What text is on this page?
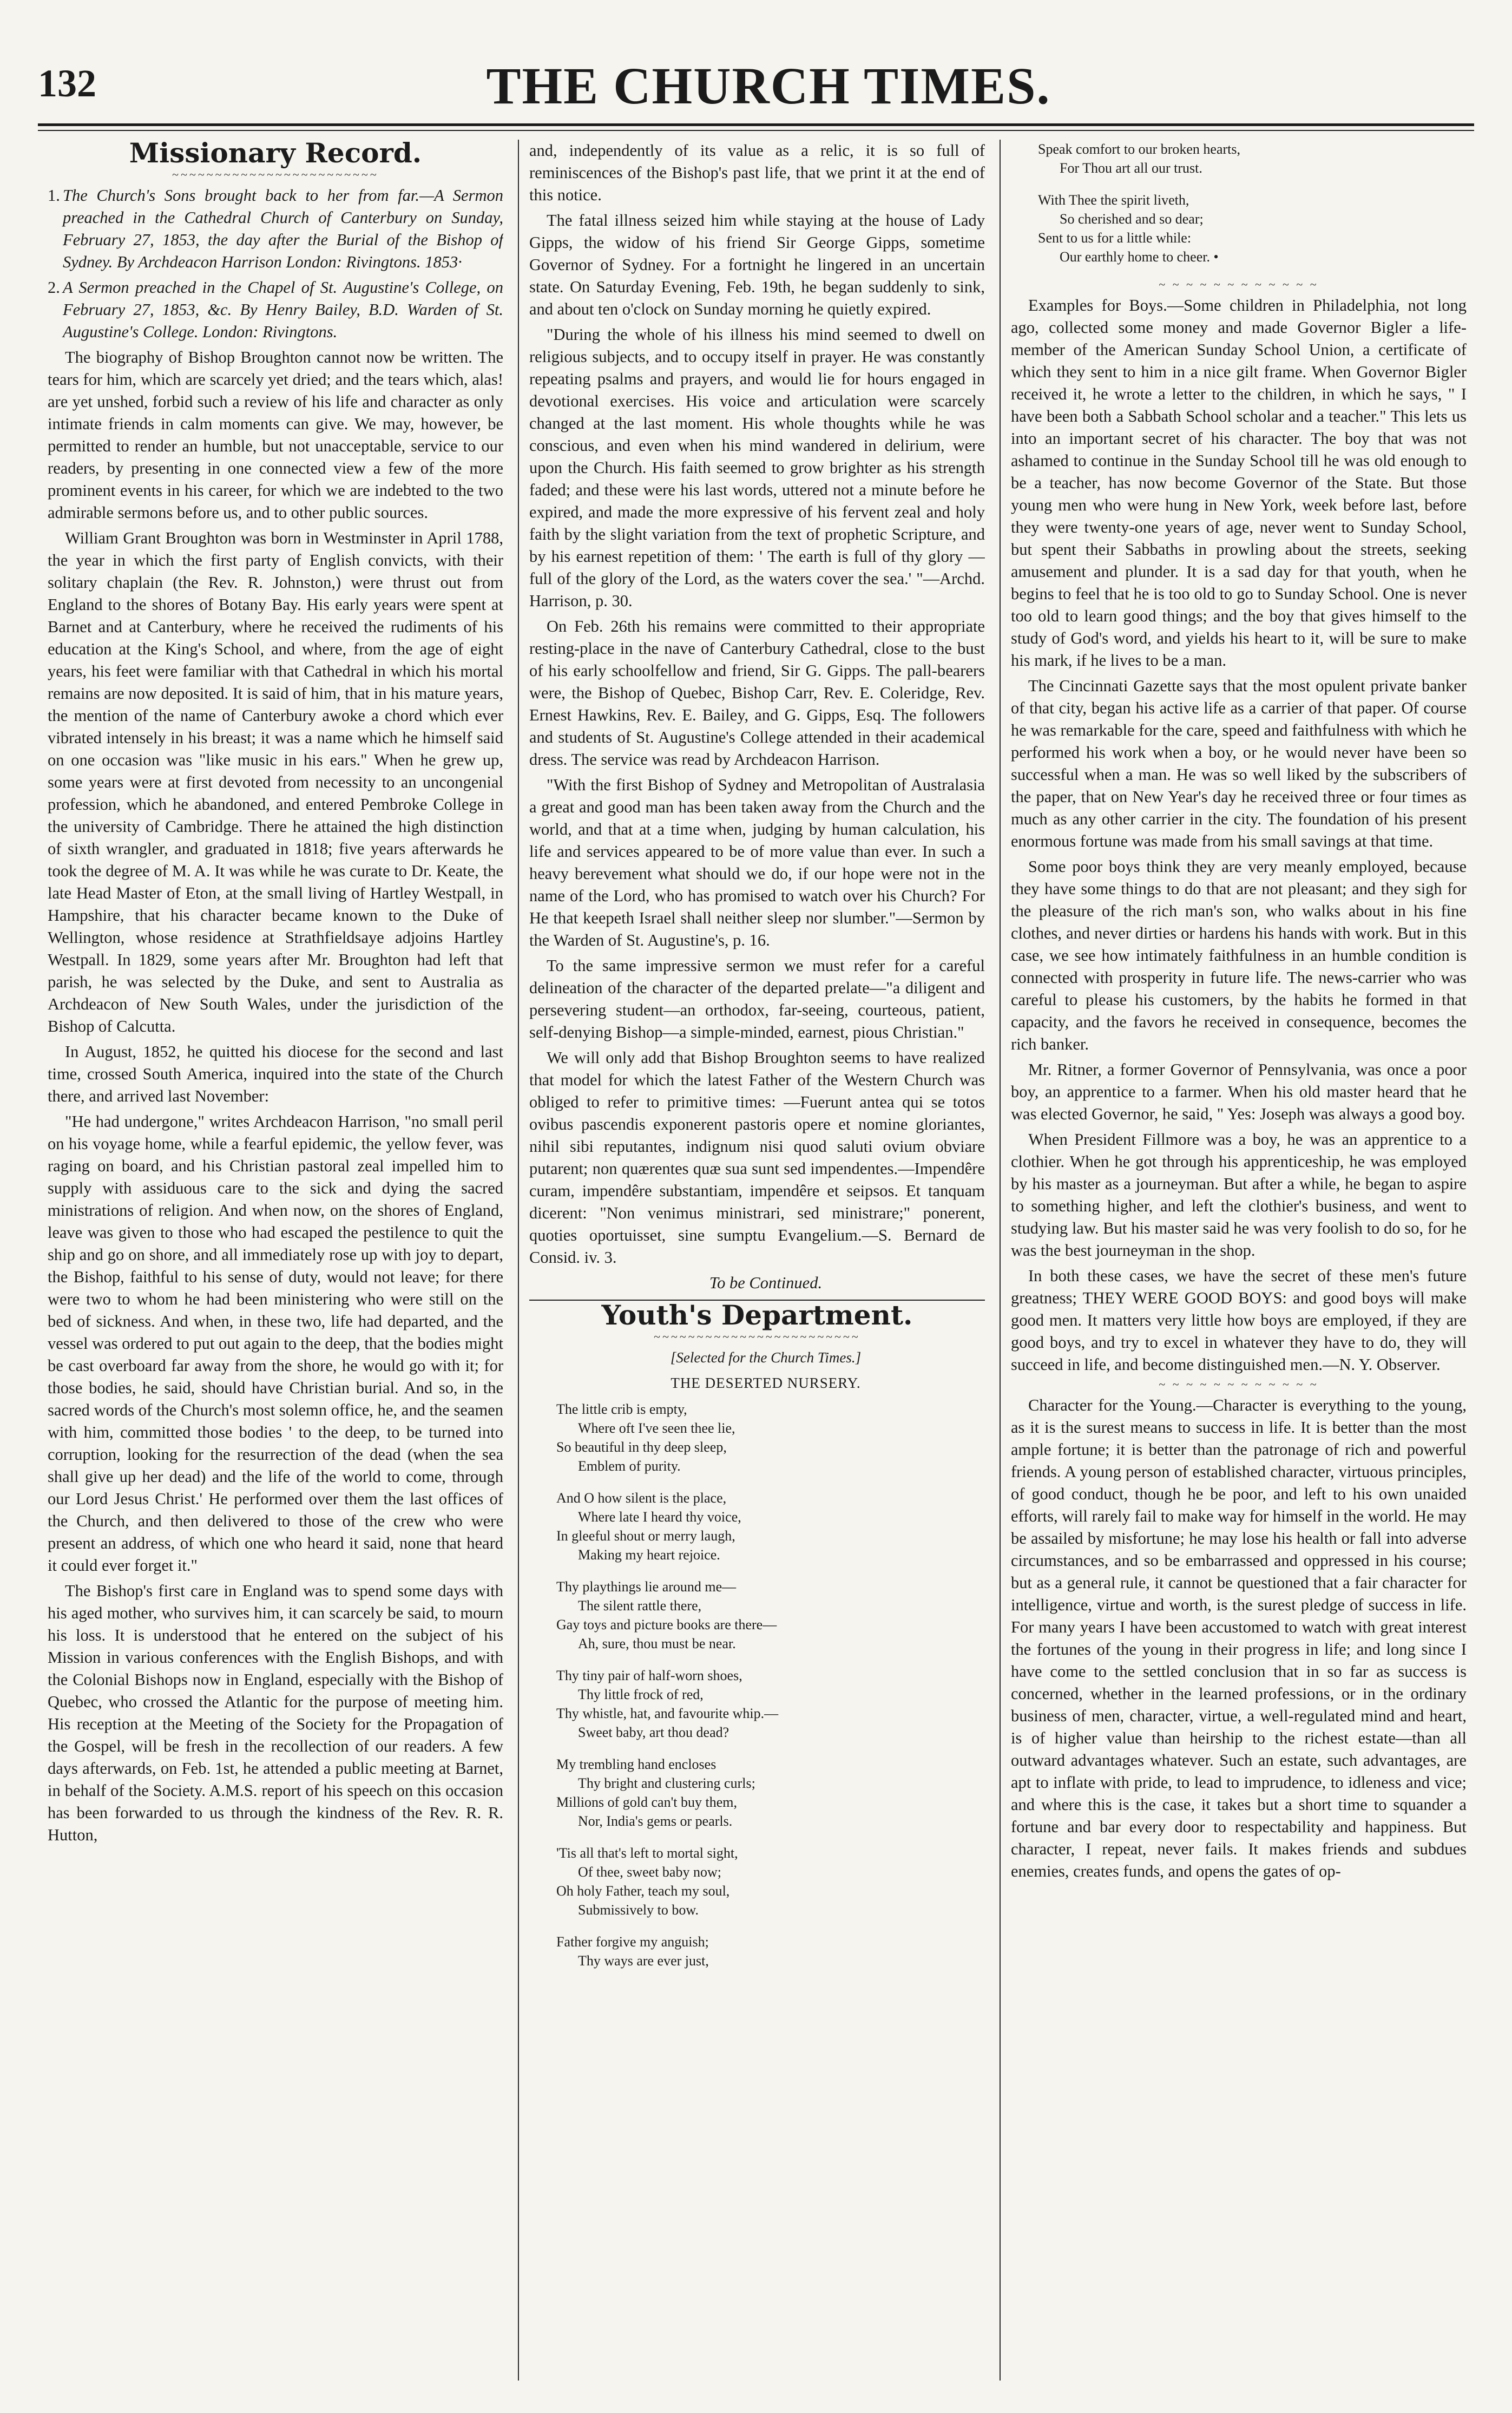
132	THE CHURCH TIMES.
Missionary Record.
~~~~~~~~~~~~~~~~~~~~~~~~
1. The Church's Sons brought back to her from far.—A Sermon preached in the Cathedral Church of Canterbury on Sunday, February 27, 1853, the day after the Burial of the Bishop of Sydney. By Archdeacon Harrison London: Rivingtons. 1853·
2. A Sermon preached in the Chapel of St. Augustine's College, on February 27, 1853, &c. By Henry Bailey, B.D. Warden of St. Augustine's College. London: Rivingtons.

The biography of Bishop Broughton cannot now be written. The tears for him, which are scarcely yet dried; and the tears which, alas! are yet unshed, forbid such a review of his life and character as only intimate friends in calm moments can give. We may, however, be permitted to render an humble, but not unacceptable, service to our readers, by presenting in one connected view a few of the more prominent events in his career, for which we are indebted to the two admirable sermons before us, and to other public sources.

William Grant Broughton was born in Westminster in April 1788, the year in which the first party of English convicts, with their solitary chaplain (the Rev. R. Johnston,) were thrust out from England to the shores of Botany Bay. His early years were spent at Barnet and at Canterbury, where he received the rudiments of his education at the King's School, and where, from the age of eight years, his feet were familiar with that Cathedral in which his mortal remains are now deposited. It is said of him, that in his mature years, the mention of the name of Canterbury awoke a chord which ever vibrated intensely in his breast; it was a name which he himself said on one occasion was "like music in his ears." When he grew up, some years were at first devoted from necessity to an uncongenial profession, which he abandoned, and entered Pembroke College in the university of Cambridge. There he attained the high distinction of sixth wrangler, and graduated in 1818; five years afterwards he took the degree of M. A. It was while he was curate to Dr. Keate, the late Head Master of Eton, at the small living of Hartley Westpall, in Hampshire, that his character became known to the Duke of Wellington, whose residence at Strathfieldsaye adjoins Hartley Westpall. In 1829, some years after Mr. Broughton had left that parish, he was selected by the Duke, and sent to Australia as Archdeacon of New South Wales, under the jurisdiction of the Bishop of Calcutta.

In August, 1852, he quitted his diocese for the second and last time, crossed South America, inquired into the state of the Church there, and arrived last November:

"He had undergone," writes Archdeacon Harrison, "no small peril on his voyage home, while a fearful epidemic, the yellow fever, was raging on board, and his Christian pastoral zeal impelled him to supply with assiduous care to the sick and dying the sacred ministrations of religion. And when now, on the shores of England, leave was given to those who had escaped the pestilence to quit the ship and go on shore, and all immediately rose up with joy to depart, the Bishop, faithful to his sense of duty, would not leave; for there were two to whom he had been ministering who were still on the bed of sickness. And when, in these two, life had departed, and the vessel was ordered to put out again to the deep, that the bodies might be cast overboard far away from the shore, he would go with it; for those bodies, he said, should have Christian burial. And so, in the sacred words of the Church's most solemn office, he, and the seamen with him, committed those bodies ' to the deep, to be turned into corruption, looking for the resurrection of the dead (when the sea shall give up her dead) and the life of the world to come, through our Lord Jesus Christ.' He performed over them the last offices of the Church, and then delivered to those of the crew who were present an address, of which one who heard it said, none that heard it could ever forget it."

The Bishop's first care in England was to spend some days with his aged mother, who survives him, it can scarcely be said, to mourn his loss. It is understood that he entered on the subject of his Mission in various conferences with the English Bishops, and with the Colonial Bishops now in England, especially with the Bishop of Quebec, who crossed the Atlantic for the purpose of meeting him. His reception at the Meeting of the Society for the Propagation of the Gospel, will be fresh in the recollection of our readers. A few days afterwards, on Feb. 1st, he attended a public meeting at Barnet, in behalf of the Society. A.M.S. report of his speech on this occasion has been forwarded to us through the kindness of the Rev. R. R. Hutton,

and, independently of its value as a relic, it is so full of reminiscences of the Bishop's past life, that we print it at the end of this notice.

The fatal illness seized him while staying at the house of Lady Gipps, the widow of his friend Sir George Gipps, sometime Governor of Sydney. For a fortnight he lingered in an uncertain state. On Saturday Evening, Feb. 19th, he began suddenly to sink, and about ten o'clock on Sunday morning he quietly expired.

"During the whole of his illness his mind seemed to dwell on religious subjects, and to occupy itself in prayer. He was constantly repeating psalms and prayers, and would lie for hours engaged in devotional exercises. His voice and articulation were scarcely changed at the last moment. His whole thoughts while he was conscious, and even when his mind wandered in delirium, were upon the Church. His faith seemed to grow brighter as his strength faded; and these were his last words, uttered not a minute before he expired, and made the more expressive of his fervent zeal and holy faith by the slight variation from the text of prophetic Scripture, and by his earnest repetition of them: ' The earth is full of thy glory —full of the glory of the Lord, as the waters cover the sea.' "—Archd. Harrison, p. 30.

On Feb. 26th his remains were committed to their appropriate resting-place in the nave of Canterbury Cathedral, close to the bust of his early schoolfellow and friend, Sir G. Gipps. The pall-bearers were, the Bishop of Quebec, Bishop Carr, Rev. E. Coleridge, Rev. Ernest Hawkins, Rev. E. Bailey, and G. Gipps, Esq. The followers and students of St. Augustine's College attended in their academical dress. The service was read by Archdeacon Harrison.

"With the first Bishop of Sydney and Metropolitan of Australasia a great and good man has been taken away from the Church and the world, and that at a time when, judging by human calculation, his life and services appeared to be of more value than ever. In such a heavy berevement what should we do, if our hope were not in the name of the Lord, who has promised to watch over his Church? For He that keepeth Israel shall neither sleep nor slumber."—Sermon by the Warden of St. Augustine's, p. 16.

To the same impressive sermon we must refer for a careful delineation of the character of the departed prelate—"a diligent and persevering student—an orthodox, far-seeing, courteous, patient, self-denying Bishop—a simple-minded, earnest, pious Christian."

We will only add that Bishop Broughton seems to have realized that model for which the latest Father of the Western Church was obliged to refer to primitive times: —Fuerunt antea qui se totos ovibus pascendis exponerent pastoris opere et nomine gloriantes, nihil sibi reputantes, indignum nisi quod saluti ovium obviare putarent; non quærentes quæ sua sunt sed impendentes.—Impendêre curam, impendêre substantiam, impendêre et seipsos. Et tanquam dicerent: "Non venimus ministrari, sed ministrare;" ponerent, quoties oportuisset, sine sumptu Evangelium.—S. Bernard de Consid. iv. 3.

To be Continued.

Youth's Department.
~~~~~~~~~~~~~~~~~~~~~~~~

[Selected for the Church Times.]

THE DESERTED NURSERY.

The little crib is empty,
Where oft I've seen thee lie,
So beautiful in thy deep sleep,
Emblem of purity.
And O how silent is the place,
Where late I heard thy voice,
In gleeful shout or merry laugh,
Making my heart rejoice.
Thy playthings lie around me—
The silent rattle there,
Gay toys and picture books are there—
Ah, sure, thou must be near.
Thy tiny pair of half-worn shoes,
Thy little frock of red,
Thy whistle, hat, and favourite whip.—
Sweet baby, art thou dead?
My trembling hand encloses
Thy bright and clustering curls;
Millions of gold can't buy them,
Nor, India's gems or pearls.
'Tis all that's left to mortal sight,
Of thee, sweet baby now;
Oh holy Father, teach my soul,
Submissively to bow.
Father forgive my anguish;
Thy ways are ever just,
Speak comfort to our broken hearts,
For Thou art all our trust.
With Thee the spirit liveth,
So cherished and so dear;
Sent to us for a little while:
Our earthly home to cheer. •
~ ~ ~ ~ ~ ~ ~ ~ ~ ~ ~ ~

Examples for Boys.—Some children in Philadelphia, not long ago, collected some money and made Governor Bigler a life-member of the American Sunday School Union, a certificate of which they sent to him in a nice gilt frame. When Governor Bigler received it, he wrote a letter to the children, in which he says, " I have been both a Sabbath School scholar and a teacher." This lets us into an important secret of his character. The boy that was not ashamed to continue in the Sunday School till he was old enough to be a teacher, has now become Governor of the State. But those young men who were hung in New York, week before last, before they were twenty-one years of age, never went to Sunday School, but spent their Sabbaths in prowling about the streets, seeking amusement and plunder. It is a sad day for that youth, when he begins to feel that he is too old to go to Sunday School. One is never too old to learn good things; and the boy that gives himself to the study of God's word, and yields his heart to it, will be sure to make his mark, if he lives to be a man.

The Cincinnati Gazette says that the most opulent private banker of that city, began his active life as a carrier of that paper. Of course he was remarkable for the care, speed and faithfulness with which he performed his work when a boy, or he would never have been so successful when a man. He was so well liked by the subscribers of the paper, that on New Year's day he received three or four times as much as any other carrier in the city. The foundation of his present enormous fortune was made from his small savings at that time.

Some poor boys think they are very meanly employed, because they have some things to do that are not pleasant; and they sigh for the pleasure of the rich man's son, who walks about in his fine clothes, and never dirties or hardens his hands with work. But in this case, we see how intimately faithfulness in an humble condition is connected with prosperity in future life. The news-carrier who was careful to please his customers, by the habits he formed in that capacity, and the favors he received in consequence, becomes the rich banker.

Mr. Ritner, a former Governor of Pennsylvania, was once a poor boy, an apprentice to a farmer. When his old master heard that he was elected Governor, he said, " Yes: Joseph was always a good boy.

When President Fillmore was a boy, he was an apprentice to a clothier. When he got through his apprenticeship, he was employed by his master as a journeyman. But after a while, he began to aspire to something higher, and left the clothier's business, and went to studying law. But his master said he was very foolish to do so, for he was the best journeyman in the shop.

In both these cases, we have the secret of these men's future greatness; THEY WERE GOOD BOYS: and good boys will make good men. It matters very little how boys are employed, if they are good boys, and try to excel in whatever they have to do, they will succeed in life, and become distinguished men.—N. Y. Observer.

~ ~ ~ ~ ~ ~ ~ ~ ~ ~ ~ ~

Character for the Young.—Character is everything to the young, as it is the surest means to success in life. It is better than the most ample fortune; it is better than the patronage of rich and powerful friends. A young person of established character, virtuous principles, of good conduct, though he be poor, and left to his own unaided efforts, will rarely fail to make way for himself in the world. He may be assailed by misfortune; he may lose his health or fall into adverse circumstances, and so be embarrassed and oppressed in his course; but as a general rule, it cannot be questioned that a fair character for intelligence, virtue and worth, is the surest pledge of success in life. For many years I have been accustomed to watch with great interest the fortunes of the young in their progress in life; and long since I have come to the settled conclusion that in so far as success is concerned, whether in the learned professions, or in the ordinary business of men, character, virtue, a well-regulated mind and heart, is of higher value than heirship to the richest estate—than all outward advantages whatever. Such an estate, such advantages, are apt to inflate with pride, to lead to imprudence, to idleness and vice; and where this is the case, it takes but a short time to squander a fortune and bar every door to respectability and happiness. But character, I repeat, never fails. It makes friends and subdues enemies, creates funds, and opens the gates of op-
